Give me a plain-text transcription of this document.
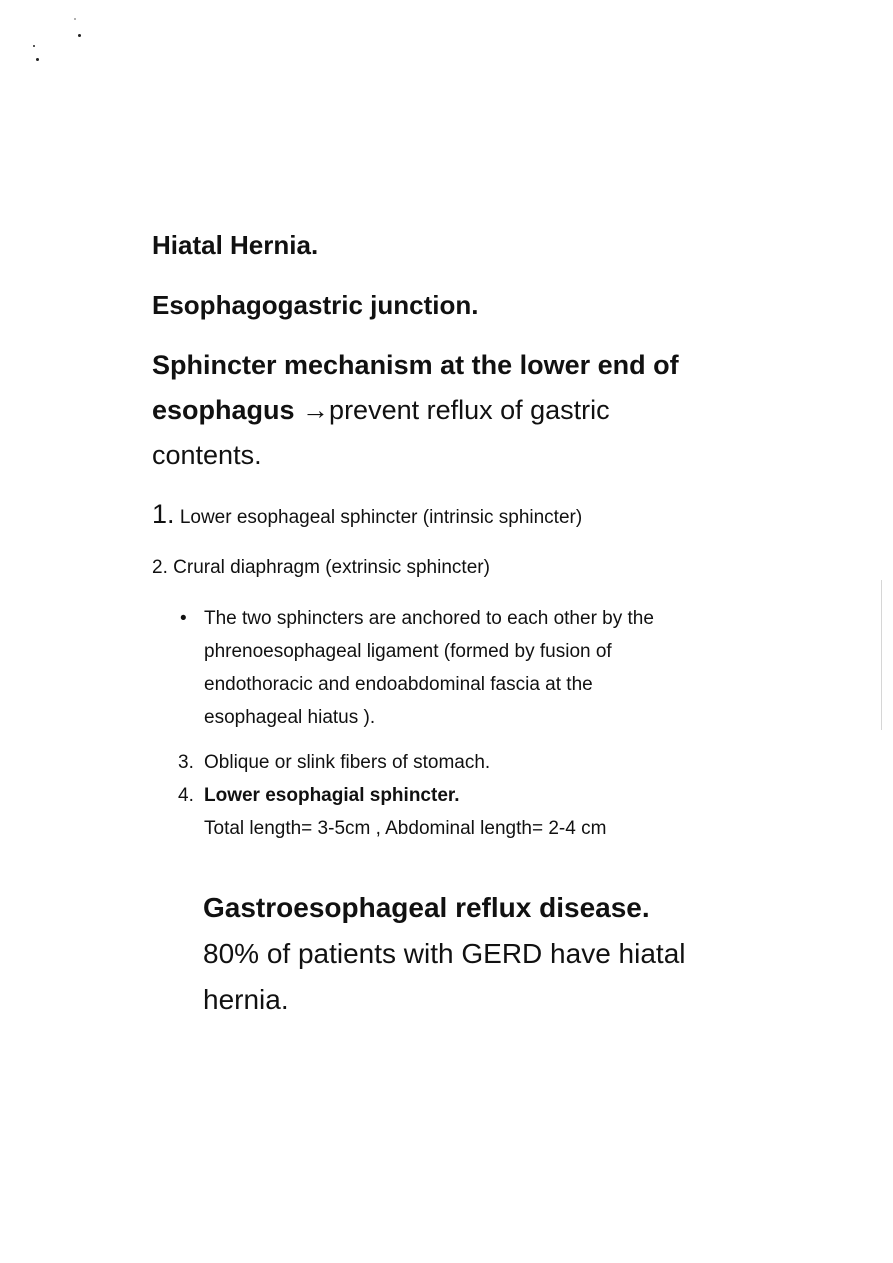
Hiatal Hernia.

Esophagogastric junction.

Sphincter mechanism at the lower end of esophagus →prevent reflux of gastric contents.

1. Lower esophageal sphincter (intrinsic sphincter)

2. Crural diaphragm (extrinsic sphincter)

• The two sphincters are anchored to each other by the phrenoesophageal ligament (formed by fusion of endothoracic and endoabdominal fascia at the esophageal hiatus ).
3. Oblique or slink fibers of stomach.
4. Lower esophagial sphincter.
Total length= 3-5cm , Abdominal length= 2-4 cm
Gastroesophageal reflux disease.
80% of patients with GERD have hiatal hernia.
